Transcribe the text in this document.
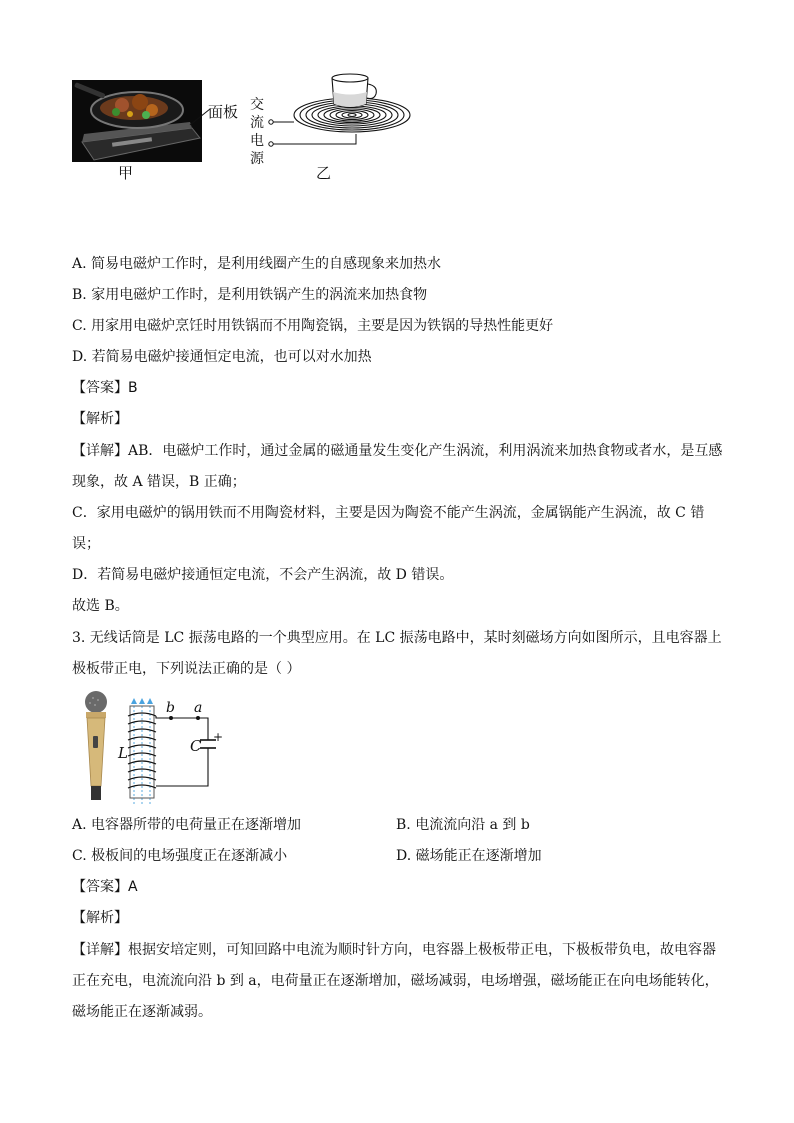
面板
甲
交
流
电
源
乙
A. 简易电磁炉工作时，是利用线圈产生的自感现象来加热水
B. 家用电磁炉工作时，是利用铁锅产生的涡流来加热食物
C. 用家用电磁炉烹饪时用铁锅而不用陶瓷锅，主要是因为铁锅的导热性能更好
D. 若简易电磁炉接通恒定电流，也可以对水加热
【答案】B
【解析】
【详解】AB．电磁炉工作时，通过金属的磁通量发生变化产生涡流，利用涡流来加热食物或者水，是互感
现象，故 A 错误，B 正确；
C．家用电磁炉的锅用铁而不用陶瓷材料，主要是因为陶瓷不能产生涡流，金属锅能产生涡流，故 C 错
误；
D．若简易电磁炉接通恒定电流，不会产生涡流，故 D 错误。
故选 B。
3. 无线话筒是 LC 振荡电路的一个典型应用。在 LC 振荡电路中，某时刻磁场方向如图所示，且电容器上
极板带正电，下列说法正确的是（ ）
b a
L	C +
A. 电容器所带的电荷量正在逐渐增加	B. 电流流向沿 a 到 b
C. 极板间的电场强度正在逐渐减小	D. 磁场能正在逐渐增加
【答案】A
【解析】
【详解】根据安培定则，可知回路中电流为顺时针方向，电容器上极板带正电，下极板带负电，故电容器
正在充电，电流流向沿 b 到 a，电荷量正在逐渐增加，磁场减弱，电场增强，磁场能正在向电场能转化，
磁场能正在逐渐减弱。
